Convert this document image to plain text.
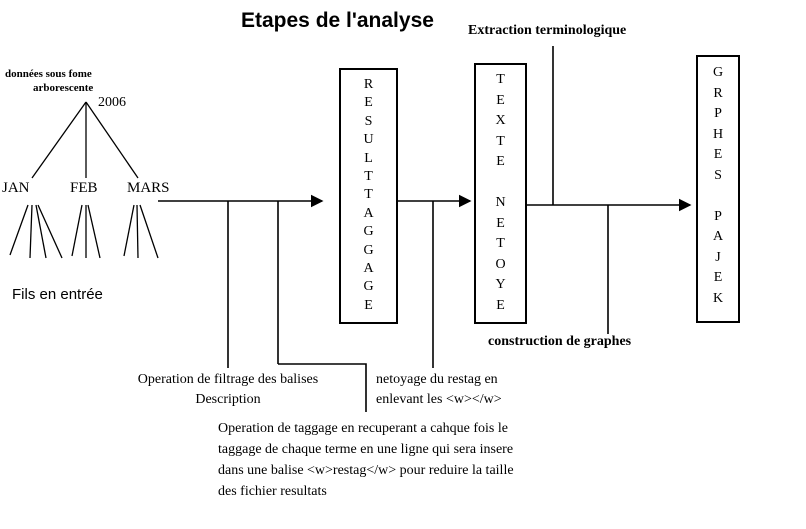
Etapes de l'analyse
données sous fome
arborescente
2006
JAN	FEB MARS
Fils en entrée
R
E
S
U
L
T
T
A
G
G
A
G
E
T
E
X
T
E

N
E
T
O
Y
E
G
R
P
H
E
S

P
A
J
E
K
Extraction terminologique
construction de graphes
Operation de filtrage des balises
Description
netoyage du restag en
enlevant les <w></w>
Operation de taggage en recuperant a cahque fois le
taggage de chaque terme en une ligne qui sera insere
dans une balise <w>restag</w> pour reduire la taille
des fichier resultats
